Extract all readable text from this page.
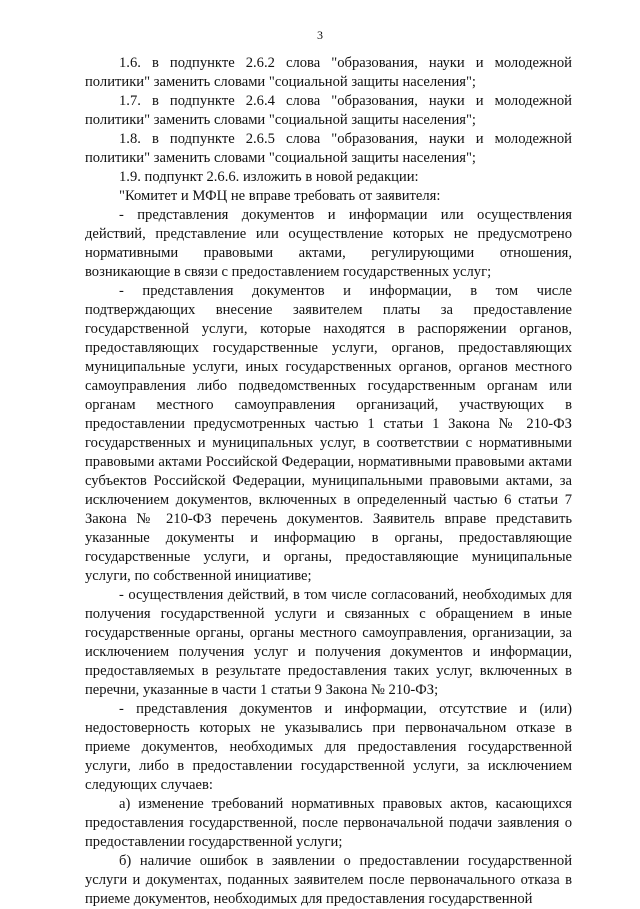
3

1.6. в подпункте 2.6.2 слова "образования, науки и молодежной политики" заменить словами "социальной защиты населения";

1.7. в подпункте 2.6.4 слова "образования, науки и молодежной политики" заменить словами "социальной защиты населения";

1.8. в подпункте 2.6.5 слова "образования, науки и молодежной политики" заменить словами "социальной защиты населения";

1.9. подпункт 2.6.6. изложить в новой редакции:

"Комитет и МФЦ не вправе требовать от заявителя:

- представления документов и информации или осуществления действий, представление или осуществление которых не предусмотрено нормативными правовыми актами, регулирующими отношения, возникающие в связи с предоставлением государственных услуг;

- представления документов и информации, в том числе подтверждающих внесение заявителем платы за предоставление государственной услуги, которые находятся в распоряжении органов, предоставляющих государственные услуги, органов, предоставляющих муниципальные услуги, иных государственных органов, органов местного самоуправления либо подведомственных государственным органам или органам местного самоуправления организаций, участвующих в предоставлении предусмотренных частью 1 статьи 1 Закона № 210-ФЗ государственных и муниципальных услуг, в соответствии с нормативными правовыми актами Российской Федерации, нормативными правовыми актами субъектов Российской Федерации, муниципальными правовыми актами, за исключением документов, включенных в определенный частью 6 статьи 7 Закона № 210-ФЗ перечень документов. Заявитель вправе представить указанные документы и информацию в органы, предоставляющие государственные услуги, и органы, предоставляющие муниципальные услуги, по собственной инициативе;

- осуществления действий, в том числе согласований, необходимых для получения государственной услуги и связанных с обращением в иные государственные органы, органы местного самоуправления, организации, за исключением получения услуг и получения документов и информации, предоставляемых в результате предоставления таких услуг, включенных в перечни, указанные в части 1 статьи 9 Закона № 210-ФЗ;

- представления документов и информации, отсутствие и (или) недостоверность которых не указывались при первоначальном отказе в приеме документов, необходимых для предоставления государственной услуги, либо в предоставлении государственной услуги, за исключением следующих случаев:

а) изменение требований нормативных правовых актов, касающихся предоставления государственной, после первоначальной подачи заявления о предоставлении государственной услуги;

б) наличие ошибок в заявлении о предоставлении государственной услуги и документах, поданных заявителем после первоначального отказа в приеме документов, необходимых для предоставления государственной
